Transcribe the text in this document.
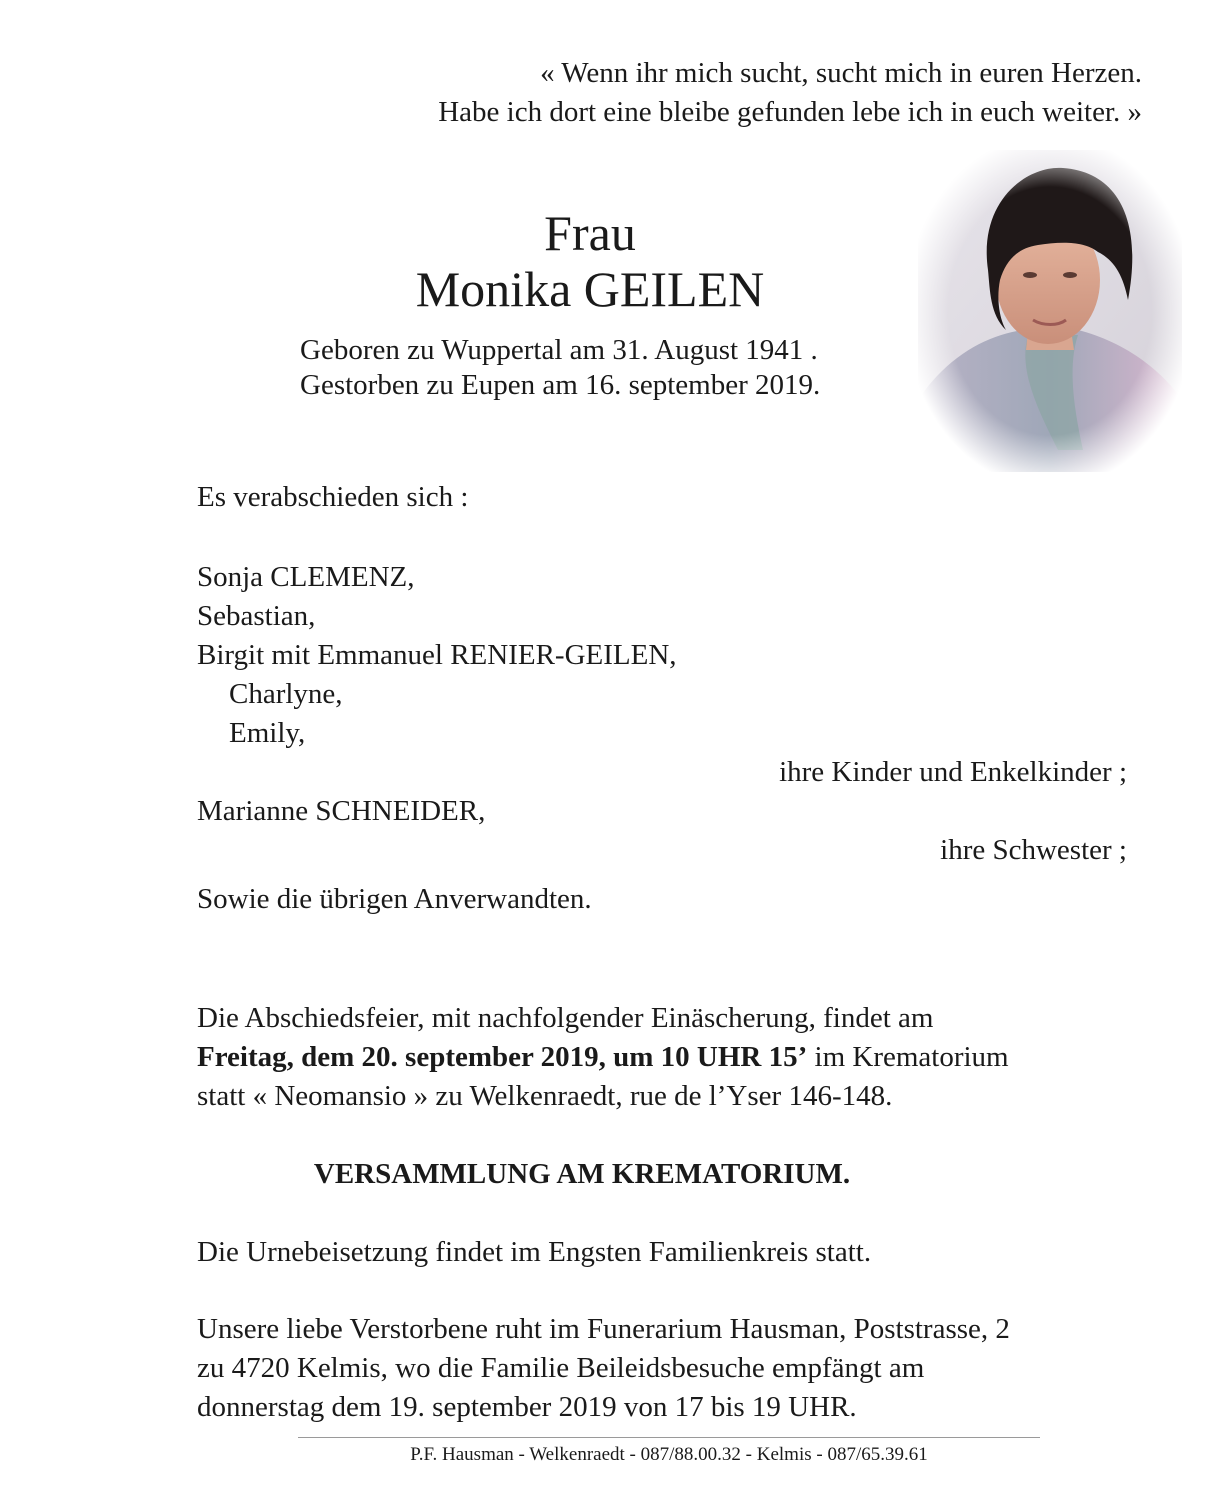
« Wenn ihr mich sucht, sucht mich in euren Herzen.
Habe ich dort eine bleibe gefunden lebe ich in euch weiter. »

Frau

Monika GEILEN

Geboren zu Wuppertal am 31. August 1941 .
Gestorben zu Eupen am 16. september 2019.
Es verabschieden sich :
Sonja CLEMENZ,
Sebastian,
Birgit mit Emmanuel RENIER-GEILEN,
Charlyne,
Emily,
ihre Kinder und Enkelkinder ;
Marianne SCHNEIDER,
ihre Schwester ;
Sowie die übrigen Anverwandten.
Die Abschiedsfeier, mit nachfolgender Einäscherung, findet am
Freitag, dem 20. september 2019, um 10 UHR 15’ im Krematorium
statt « Neomansio » zu Welkenraedt, rue de l’Yser 146-148.
VERSAMMLUNG AM KREMATORIUM.
Die Urnebeisetzung findet im Engsten Familienkreis statt.
Unsere liebe Verstorbene ruht im Funerarium Hausman, Poststrasse, 2
zu 4720 Kelmis, wo die Familie Beileidsbesuche empfängt am
donnerstag dem 19. september 2019 von 17 bis 19 UHR.
P.F. Hausman - Welkenraedt - 087/88.00.32 - Kelmis - 087/65.39.61
